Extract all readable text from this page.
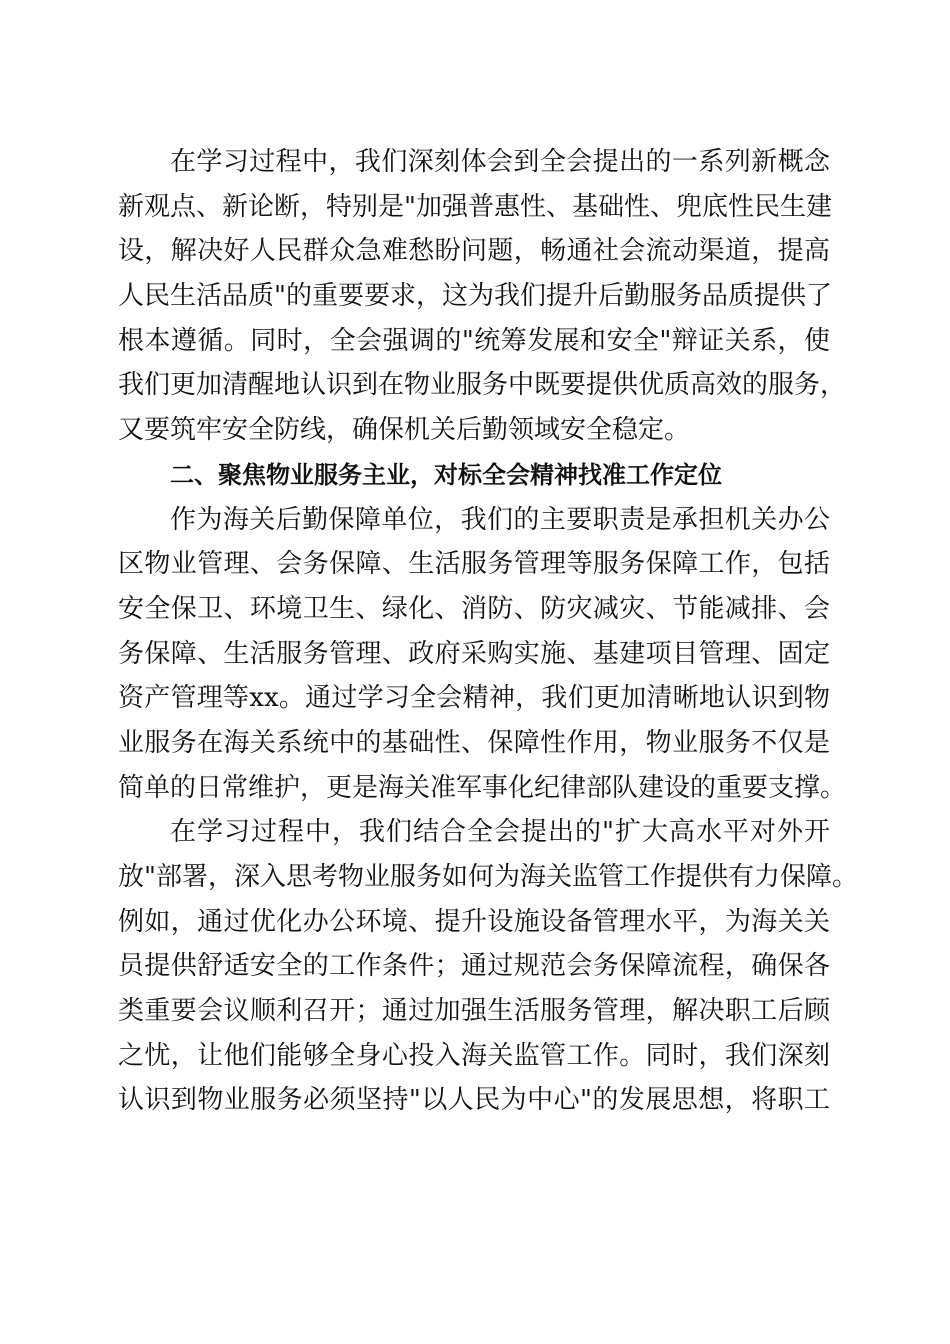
在学习过程中，我们深刻体会到全会提出的一系列新概念
新观点、新论断，特别是"加强普惠性、基础性、兜底性民生建
设，解决好人民群众急难愁盼问题，畅通社会流动渠道，提高
人民生活品质"的重要要求，这为我们提升后勤服务品质提供了
根本遵循。同时，全会强调的"统筹发展和安全"辩证关系，使
我们更加清醒地认识到在物业服务中既要提供优质高效的服务，
又要筑牢安全防线，确保机关后勤领域安全稳定。
二、聚焦物业服务主业，对标全会精神找准工作定位
作为海关后勤保障单位，我们的主要职责是承担机关办公
区物业管理、会务保障、生活服务管理等服务保障工作，包括
安全保卫、环境卫生、绿化、消防、防灾减灾、节能减排、会
务保障、生活服务管理、政府采购实施、基建项目管理、固定
资产管理等xx。通过学习全会精神，我们更加清晰地认识到物
业服务在海关系统中的基础性、保障性作用，物业服务不仅是
简单的日常维护，更是海关准军事化纪律部队建设的重要支撑。
在学习过程中，我们结合全会提出的"扩大高水平对外开
放"部署，深入思考物业服务如何为海关监管工作提供有力保障。
例如，通过优化办公环境、提升设施设备管理水平，为海关关
员提供舒适安全的工作条件；通过规范会务保障流程，确保各
类重要会议顺利召开；通过加强生活服务管理，解决职工后顾
之忧，让他们能够全身心投入海关监管工作。同时，我们深刻
认识到物业服务必须坚持"以人民为中心"的发展思想，将职工
